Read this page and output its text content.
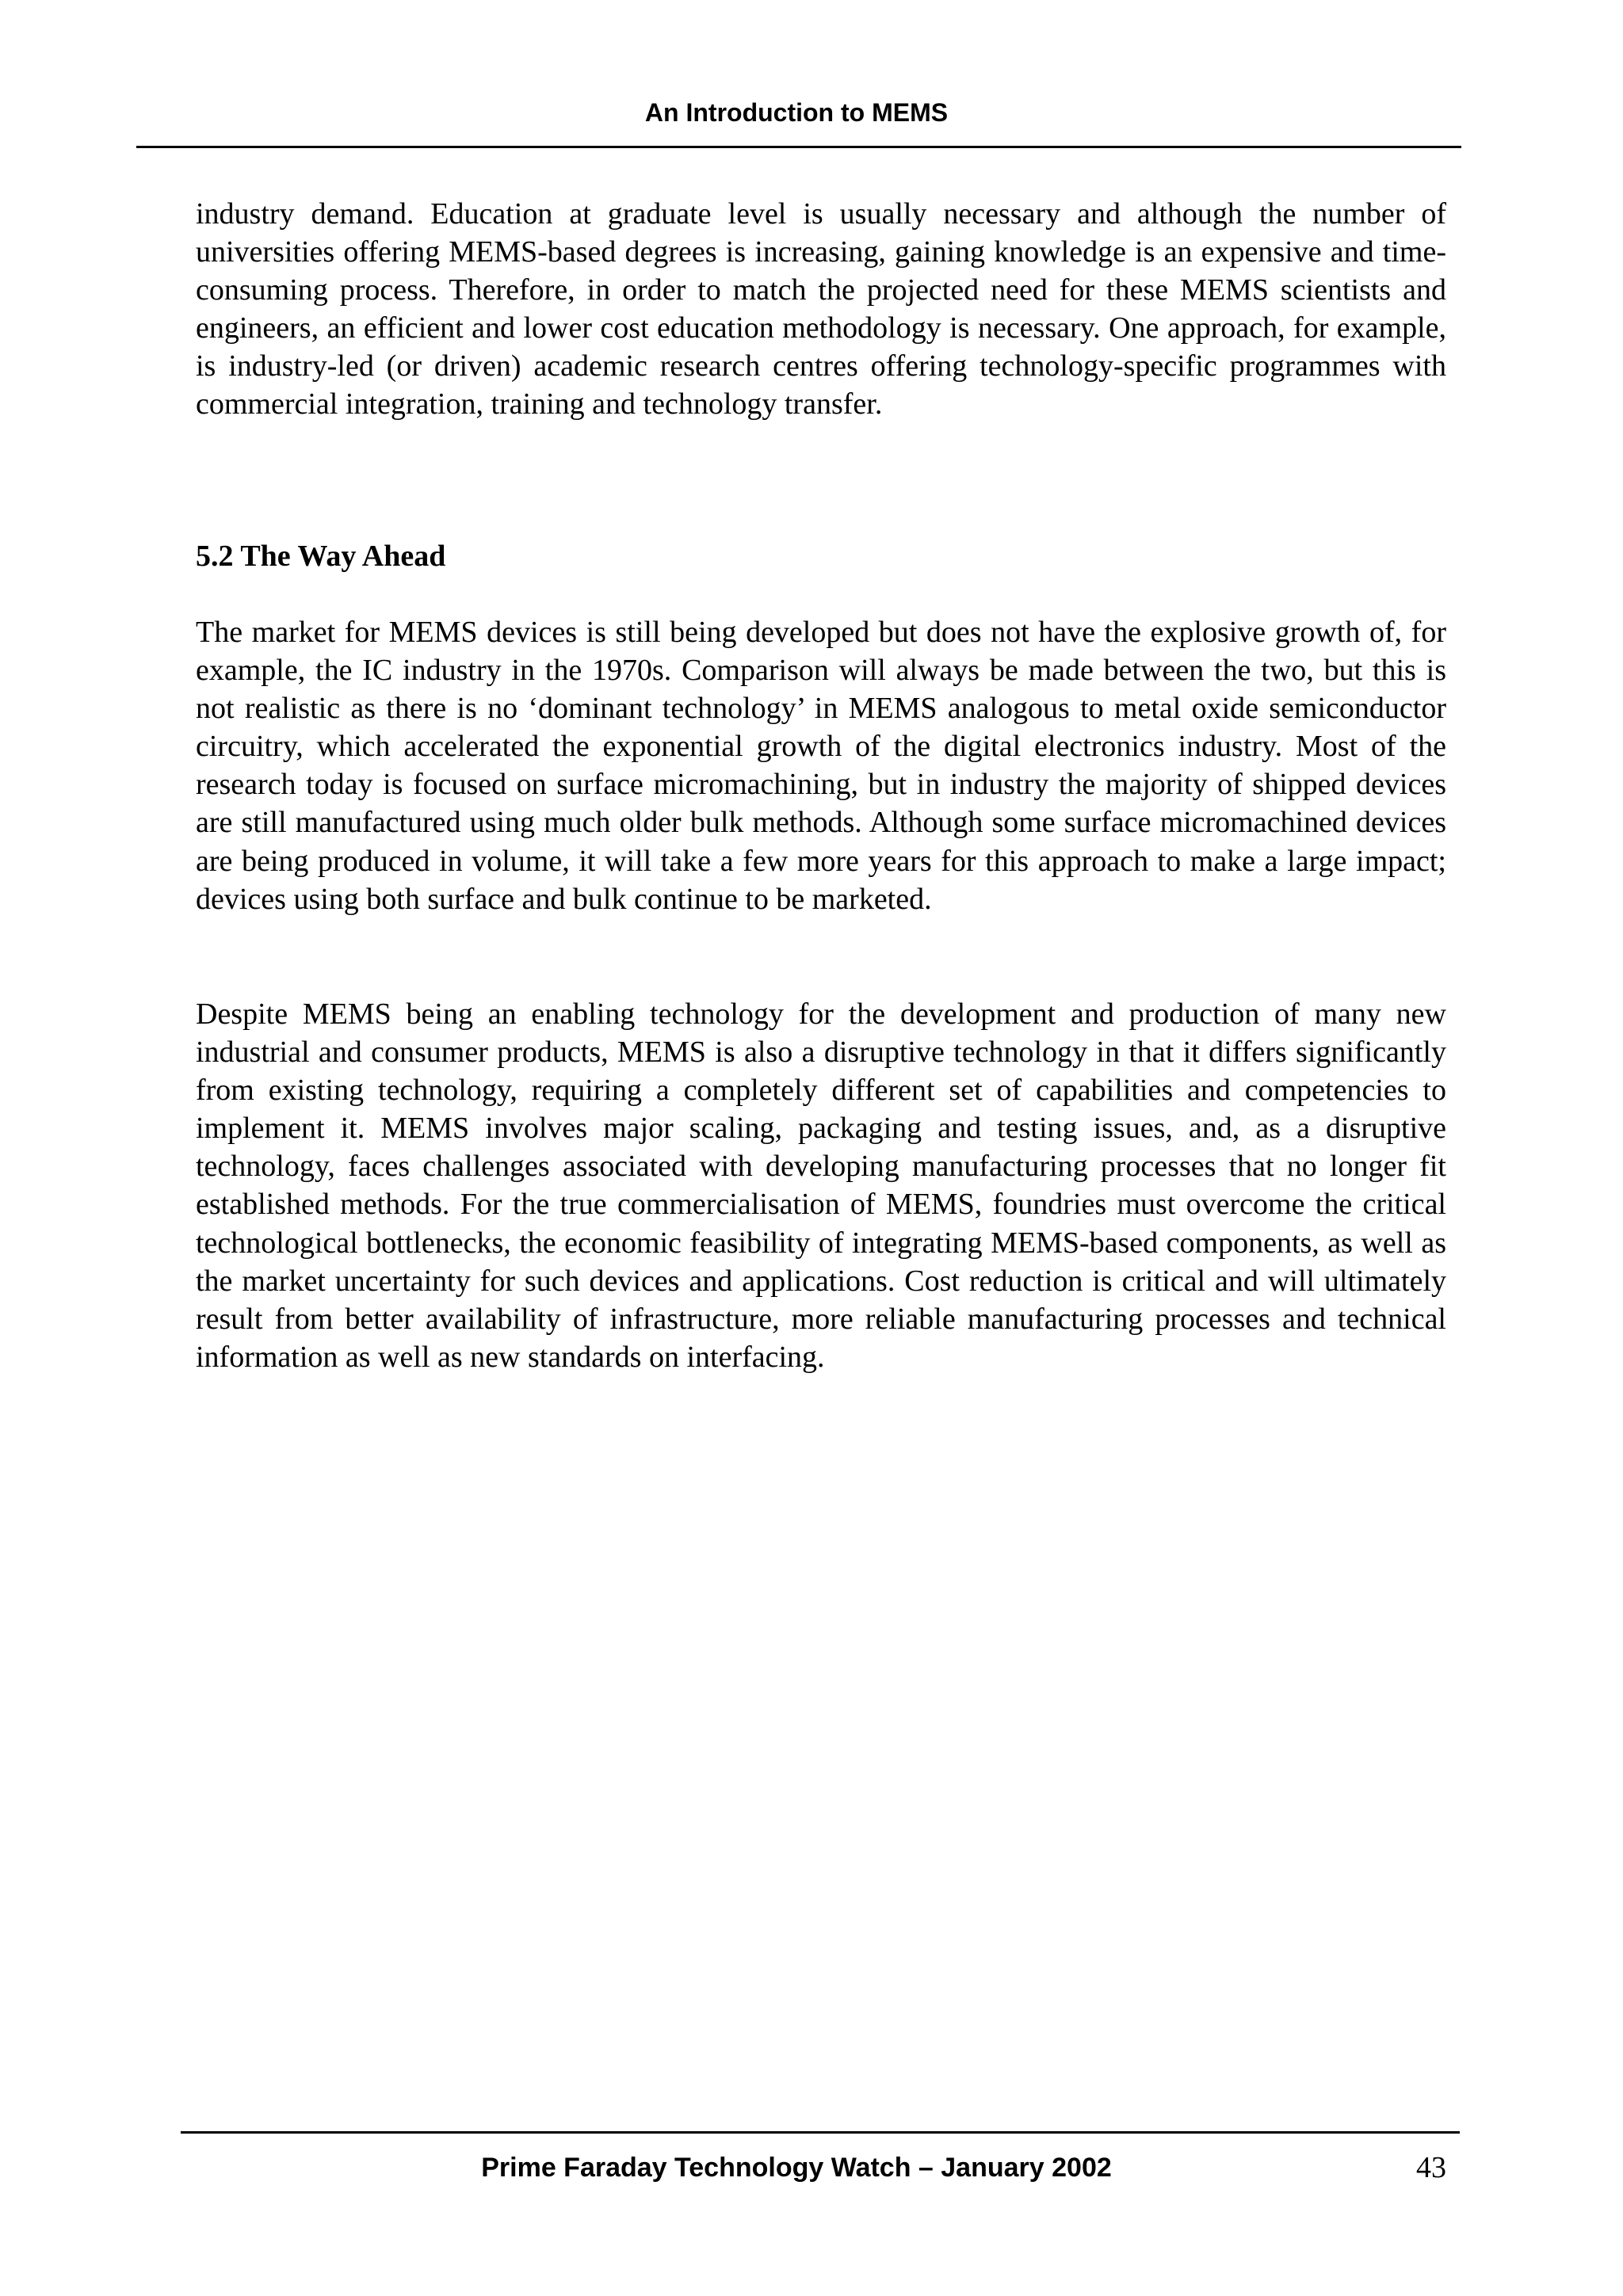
An Introduction to MEMS

industry demand. Education at graduate level is usually necessary and although the number of universities offering MEMS-based degrees is increasing, gaining knowledge is an expensive and time-consuming process. Therefore, in order to match the projected need for these MEMS scientists and engineers, an efficient and lower cost education methodology is necessary. One approach, for example, is industry-led (or driven) academic research centres offering technology-specific programmes with commercial integration, training and technology transfer.

5.2 The Way Ahead

The market for MEMS devices is still being developed but does not have the explosive growth of, for example, the IC industry in the 1970s. Comparison will always be made between the two, but this is not realistic as there is no ‘dominant technology’ in MEMS analogous to metal oxide semiconductor circuitry, which accelerated the exponential growth of the digital electronics industry. Most of the research today is focused on surface micromachining, but in industry the majority of shipped devices are still manufactured using much older bulk methods. Although some surface micromachined devices are being produced in volume, it will take a few more years for this approach to make a large impact; devices using both surface and bulk continue to be marketed.

Despite MEMS being an enabling technology for the development and production of many new industrial and consumer products, MEMS is also a disruptive technology in that it differs significantly from existing technology, requiring a completely different set of capabilities and competencies to implement it. MEMS involves major scaling, packaging and testing issues, and, as a disruptive technology, faces challenges associated with developing manufacturing processes that no longer fit established methods. For the true commercialisation of MEMS, foundries must overcome the critical technological bottlenecks, the economic feasibility of integrating MEMS-based components, as well as the market uncertainty for such devices and applications. Cost reduction is critical and will ultimately result from better availability of infrastructure, more reliable manufacturing processes and technical information as well as new standards on interfacing.

Prime Faraday Technology Watch – January 2002	43
